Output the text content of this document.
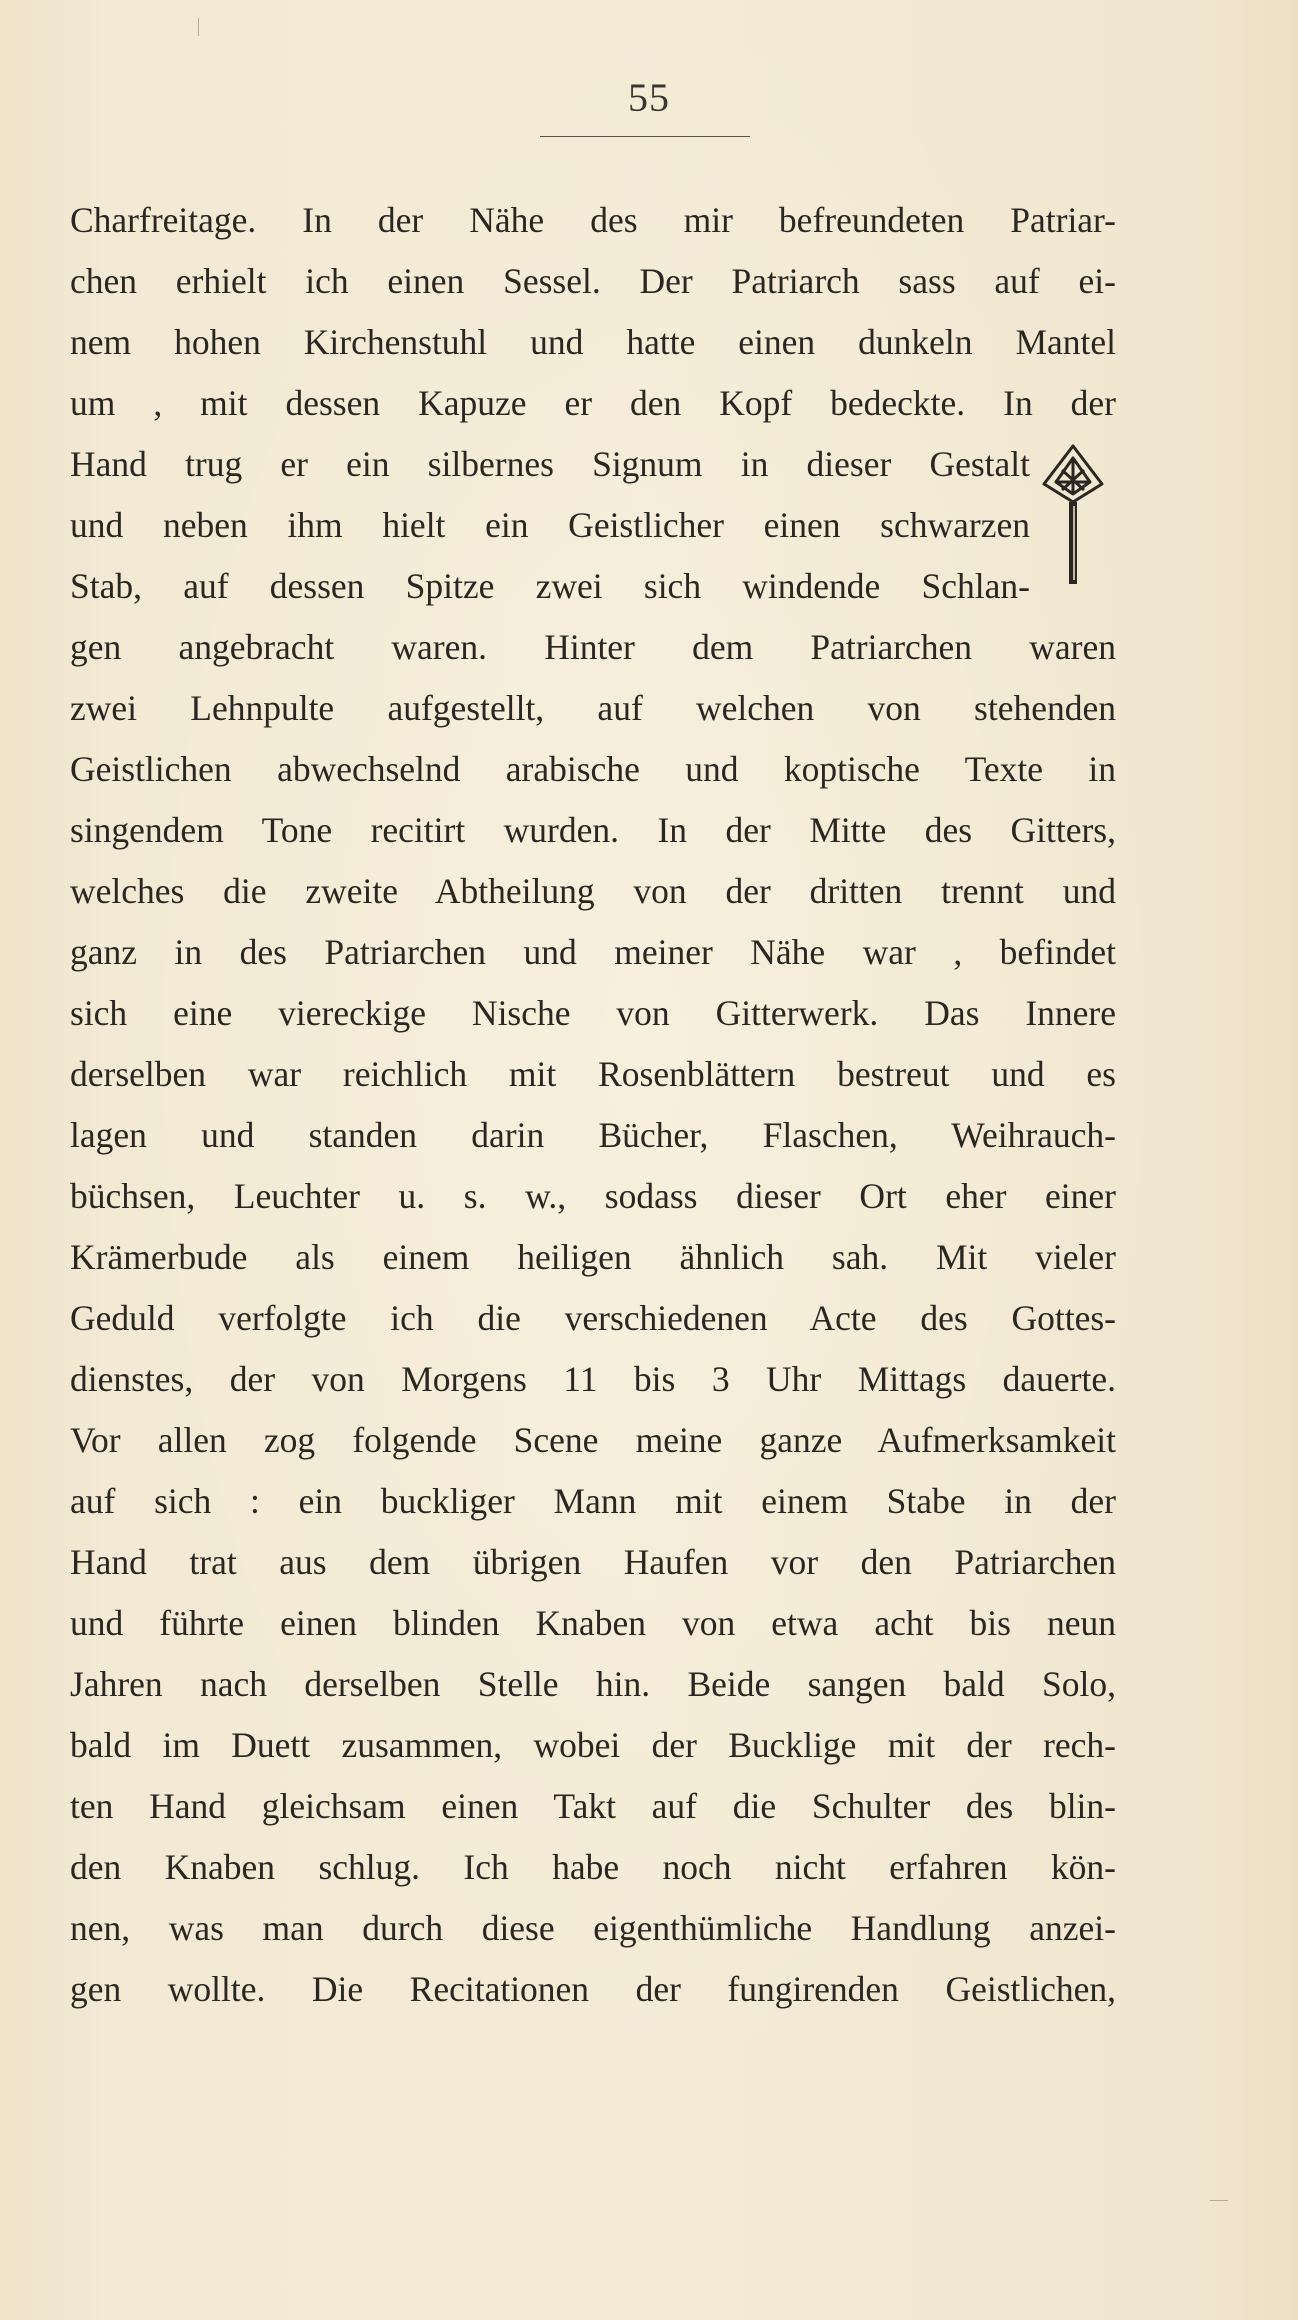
55
Charfreitage. In der Nähe des mir befreundeten Patriar-
chen erhielt ich einen Sessel. Der Patriarch sass auf ei-
nem hohen Kirchenstuhl und hatte einen dunkeln Mantel
um , mit dessen Kapuze er den Kopf bedeckte. In der
Hand trug er ein silbernes Signum in dieser Gestalt
und neben ihm hielt ein Geistlicher einen schwarzen
Stab, auf dessen Spitze zwei sich windende Schlan-
gen angebracht waren. Hinter dem Patriarchen waren
zwei Lehnpulte aufgestellt, auf welchen von stehenden
Geistlichen abwechselnd arabische und koptische Texte in
singendem Tone recitirt wurden. In der Mitte des Gitters,
welches die zweite Abtheilung von der dritten trennt und
ganz in des Patriarchen und meiner Nähe war , befindet
sich eine viereckige Nische von Gitterwerk. Das Innere
derselben war reichlich mit Rosenblättern bestreut und es
lagen und standen darin Bücher, Flaschen, Weihrauch-
büchsen, Leuchter u. s. w., sodass dieser Ort eher einer
Krämerbude als einem heiligen ähnlich sah. Mit vieler
Geduld verfolgte ich die verschiedenen Acte des Gottes-
dienstes, der von Morgens 11 bis 3 Uhr Mittags dauerte.
Vor allen zog folgende Scene meine ganze Aufmerksamkeit
auf sich : ein buckliger Mann mit einem Stabe in der
Hand trat aus dem übrigen Haufen vor den Patriarchen
und führte einen blinden Knaben von etwa acht bis neun
Jahren nach derselben Stelle hin. Beide sangen bald Solo,
bald im Duett zusammen, wobei der Bucklige mit der rech-
ten Hand gleichsam einen Takt auf die Schulter des blin-
den Knaben schlug. Ich habe noch nicht erfahren kön-
nen, was man durch diese eigenthümliche Handlung anzei-
gen wollte. Die Recitationen der fungirenden Geistlichen,
